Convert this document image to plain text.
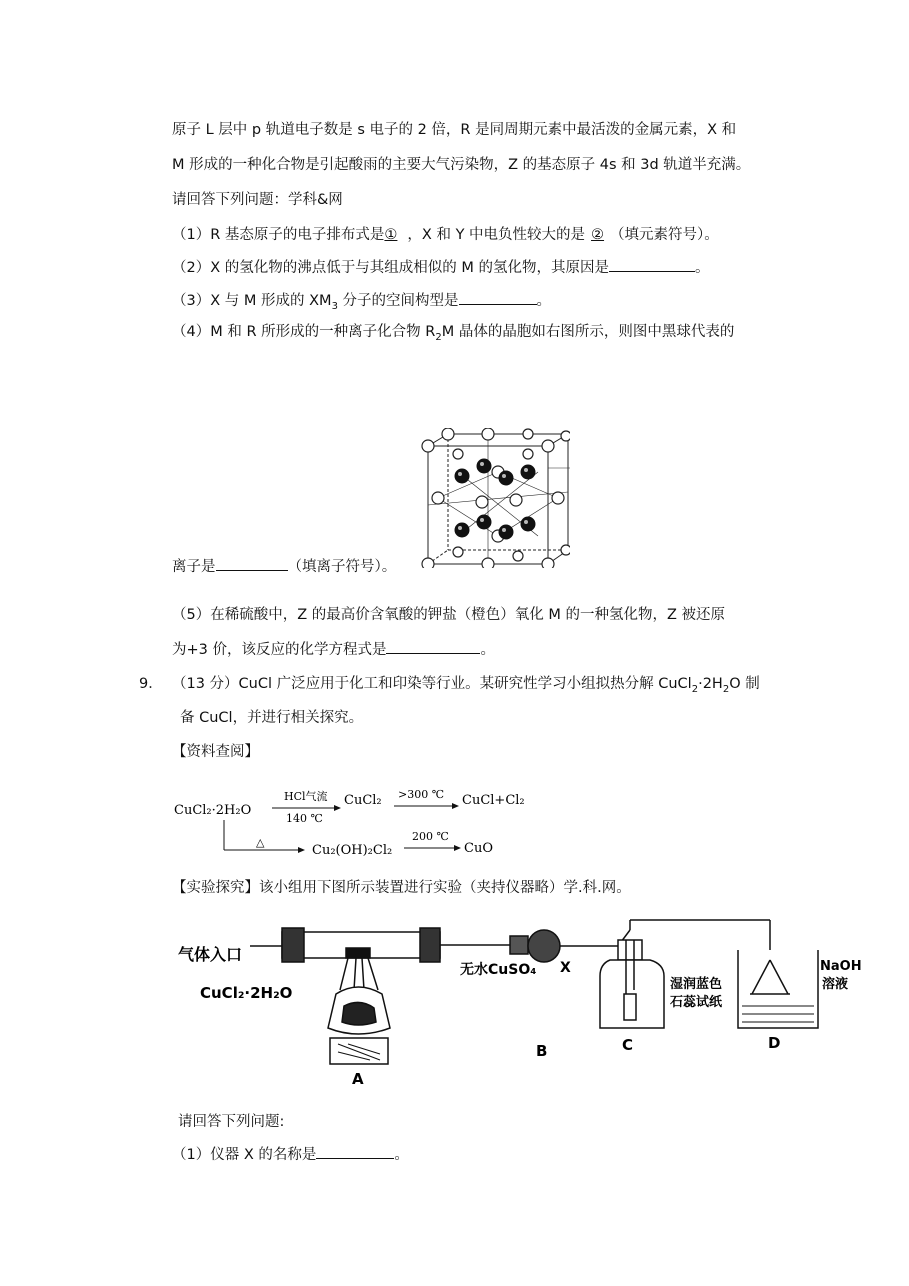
原子 L 层中 p 轨道电子数是 s 电子的 2 倍，R 是同周期元素中最活泼的金属元素，X 和
M 形成的一种化合物是引起酸雨的主要大气污染物，Z 的基态原子 4s 和 3d 轨道半充满。
请回答下列问题：学科&网
（1）R 基态原子的电子排布式是① ，X 和 Y 中电负性较大的是 ② （填元素符号）。
（2）X 的氢化物的沸点低于与其组成相似的 M 的氢化物，其原因是	。
（3）X 与 M 形成的 $XM_3$ 分子的空间构型是	。
（4）M 和 R 所形成的一种离子化合物 $R_2M$ 晶体的晶胞如右图所示，则图中黑球代表的
离子是	（填离子符号）。
（5）在稀硫酸中，Z 的最高价含氧酸的钾盐（橙色）氧化 M 的一种氢化物，Z 被还原
为+3 价，该反应的化学方程式是	。
9． （13 分）CuCl 广泛应用于化工和印染等行业。某研究性学习小组拟热分解 $CuCl_2\cdot 2H_2O$ 制
备 CuCl，并进行相关探究。
【资料查阅】
CuCl₂·2H₂O
HCl气流
140 ℃
CuCl₂ >300 ℃ CuCl+Cl₂
△
Cu₂(OH)₂Cl₂
200 ℃
CuO
【实验探究】该小组用下图所示装置进行实验（夹持仪器略）学.科.网。
气体入口
CuCl₂·2H₂O
无水CuSO₄ X
湿润蓝色
石蕊试纸
NaOH
溶液
A
B	C	D
请回答下列问题:
（1）仪器 X 的名称是	。
